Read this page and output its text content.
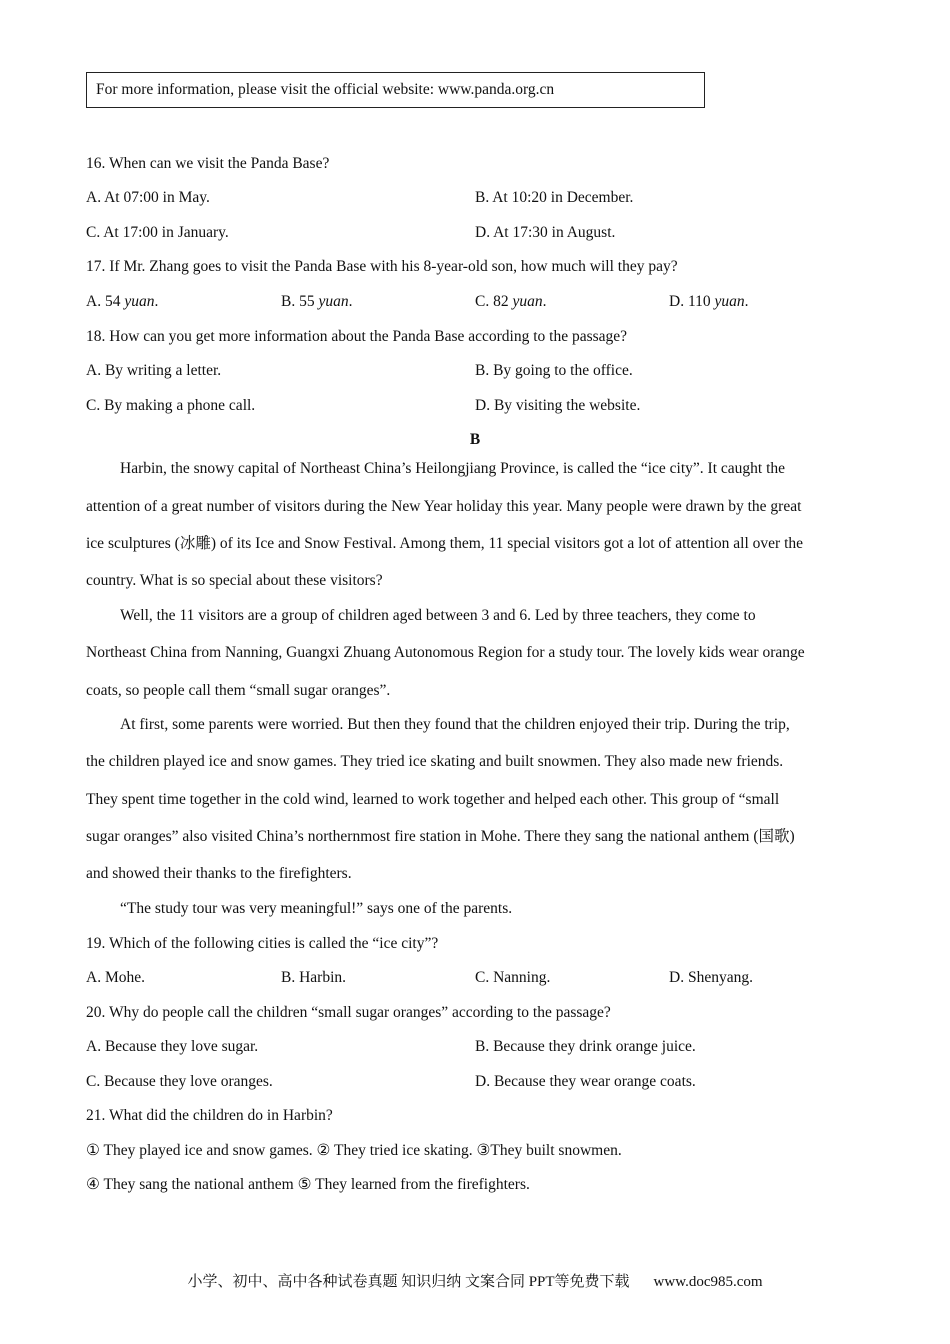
For more information, please visit the official website: www.panda.org.cn
16. When can we visit the Panda Base?
A. At 07:00 in May.	B. At 10:20 in December.
C. At 17:00 in January.	D. At 17:30 in August.
17. If Mr. Zhang goes to visit the Panda Base with his 8-year-old son, how much will they pay?
A. 54 yuan.	B. 55 yuan.	C. 82 yuan.	D. 110 yuan.
18. How can you get more information about the Panda Base according to the passage?
A. By writing a letter.	B. By going to the office.
C. By making a phone call.	D. By visiting the website.
B
Harbin, the snowy capital of Northeast China’s Heilongjiang Province, is called the “ice city”. It caught the
attention of a great number of visitors during the New Year holiday this year. Many people were drawn by the great
ice sculptures (冰雕) of its Ice and Snow Festival. Among them, 11 special visitors got a lot of attention all over the
country. What is so special about these visitors?
Well, the 11 visitors are a group of children aged between 3 and 6. Led by three teachers, they come to
Northeast China from Nanning, Guangxi Zhuang Autonomous Region for a study tour. The lovely kids wear orange
coats, so people call them “small sugar oranges”.
At first, some parents were worried. But then they found that the children enjoyed their trip. During the trip,
the children played ice and snow games. They tried ice skating and built snowmen. They also made new friends.
They spent time together in the cold wind, learned to work together and helped each other. This group of “small
sugar oranges” also visited China’s northernmost fire station in Mohe. There they sang the national anthem (国歌)
and showed their thanks to the firefighters.
“The study tour was very meaningful!” says one of the parents.
19. Which of the following cities is called the “ice city”?
A. Mohe.	B. Harbin.	C. Nanning.	D. Shenyang.
20. Why do people call the children “small sugar oranges” according to the passage?
A. Because they love sugar.	B. Because they drink orange juice.
C. Because they love oranges.	D. Because they wear orange coats.
21. What did the children do in Harbin?
① They played ice and snow games. ② They tried ice skating. ③They built snowmen.
④ They sang the national anthem ⑤ They learned from the firefighters.
小学、初中、高中各种试卷真题 知识归纳 文案合同 PPT等免费下载 www.doc985.com
